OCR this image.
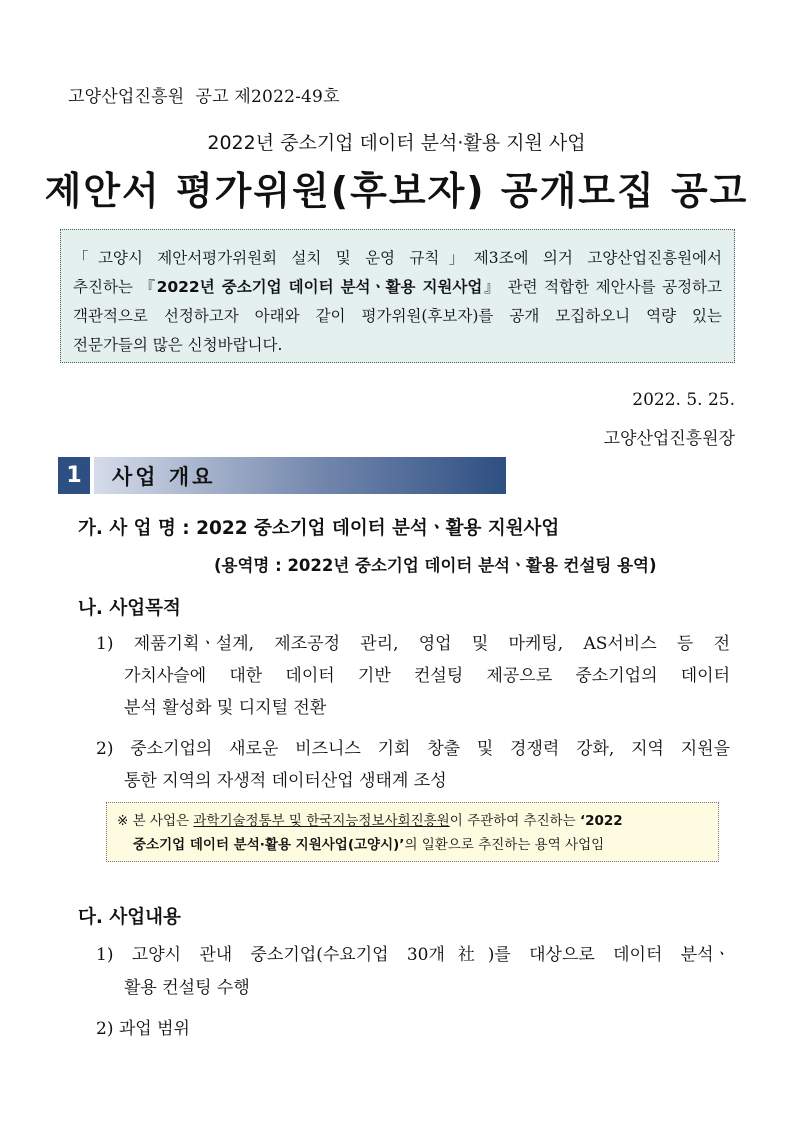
고양산업진흥원  공고 제2022-49호
2022년 중소기업 데이터 분석·활용 지원 사업
제안서 평가위원(후보자) 공개모집 공고
「고양시 제안서평가위원회 설치 및 운영 규칙」제3조에 의거 고양산업진흥원에서
추진하는 『2022년 중소기업 데이터 분석ㆍ활용 지원사업』 관련 적합한 제안사를 공정하고
객관적으로 선정하고자 아래와 같이 평가위원(후보자)를 공개 모집하오니 역량 있는
전문가들의 많은 신청바랍니다.
2022. 5. 25.
고양산업진흥원장
1	사업 개요
가. 사 업 명 : 2022 중소기업 데이터 분석ㆍ활용 지원사업
(용역명 : 2022년 중소기업 데이터 분석ㆍ활용 컨설팅 용역)
나. 사업목적
1) 제품기획ㆍ설계, 제조공정 관리, 영업 및 마케팅, AS서비스 등 전
가치사슬에 대한 데이터 기반 컨설팅 제공으로 중소기업의 데이터
분석 활성화 및 디지털 전환
2) 중소기업의 새로운 비즈니스 기회 창출 및 경쟁력 강화, 지역 지원을
통한 지역의 자생적 데이터산업 생태계 조성
※ 본 사업은 과학기술정통부 및 한국지능정보사회진흥원이 주관하여 추진하는 ‘2022
중소기업 데이터 분석·활용 지원사업(고양시)’의 일환으로 추진하는 용역 사업임
다. 사업내용
1) 고양시 관내 중소기업(수요기업 30개社)를 대상으로 데이터 분석ㆍ
활용 컨설팅 수행
2) 과업 범위
